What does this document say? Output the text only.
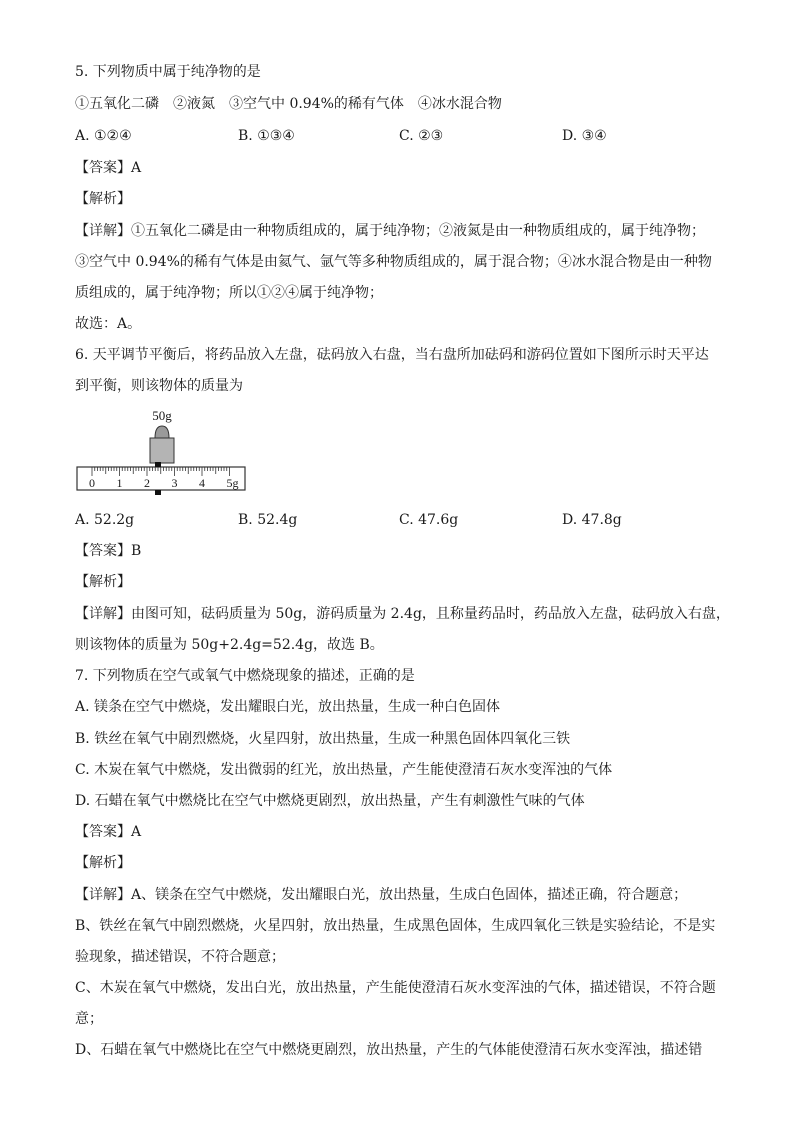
5. 下列物质中属于纯净物的是
①五氧化二磷　②液氮　③空气中 0.94%的稀有气体　④冰水混合物
A. ①②④	B. ①③④	C. ②③	D. ③④
【答案】A
【解析】
【详解】①五氧化二磷是由一种物质组成的，属于纯净物；②液氮是由一种物质组成的，属于纯净物；
③空气中 0.94%的稀有气体是由氦气、氩气等多种物质组成的，属于混合物；④冰水混合物是由一种物
质组成的，属于纯净物；所以①②④属于纯净物；
故选：A。
6. 天平调节平衡后，将药品放入左盘，砝码放入右盘，当右盘所加砝码和游码位置如下图所示时天平达
到平衡，则该物体的质量为
50g
0 1 2 3 4 5g
A. 52.2g	B. 52.4g	C. 47.6g	D. 47.8g
【答案】B
【解析】
【详解】由图可知，砝码质量为 50g，游码质量为 2.4g，且称量药品时，药品放入左盘，砝码放入右盘，
则该物体的质量为 50g+2.4g=52.4g，故选 B。
7. 下列物质在空气或氧气中燃烧现象的描述，正确的是
A. 镁条在空气中燃烧，发出耀眼白光，放出热量，生成一种白色固体
B. 铁丝在氧气中剧烈燃烧，火星四射，放出热量，生成一种黑色固体四氧化三铁
C. 木炭在氧气中燃烧，发出微弱的红光，放出热量，产生能使澄清石灰水变浑浊的气体
D. 石蜡在氧气中燃烧比在空气中燃烧更剧烈，放出热量，产生有刺激性气味的气体
【答案】A
【解析】
【详解】A、镁条在空气中燃烧，发出耀眼白光，放出热量，生成白色固体，描述正确，符合题意；
B、铁丝在氧气中剧烈燃烧，火星四射，放出热量，生成黑色固体，生成四氧化三铁是实验结论，不是实
验现象，描述错误，不符合题意；
C、木炭在氧气中燃烧，发出白光，放出热量，产生能使澄清石灰水变浑浊的气体，描述错误，不符合题
意；
D、石蜡在氧气中燃烧比在空气中燃烧更剧烈，放出热量，产生的气体能使澄清石灰水变浑浊，描述错
